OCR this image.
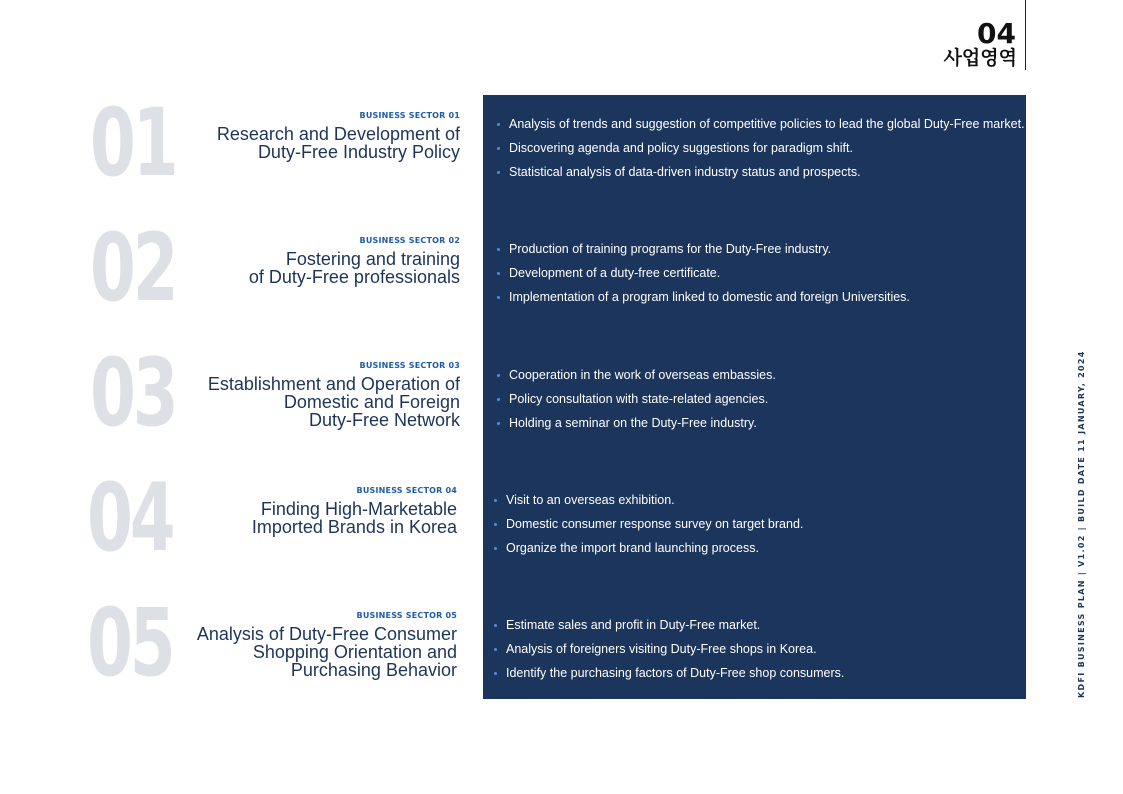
04
사업영역
01	BUSINESS SECTOR 01
Research and Development of
Duty-Free Industry Policy
Analysis of trends and suggestion of competitive policies to lead the global Duty-Free market.
Discovering agenda and policy suggestions for paradigm shift.
Statistical analysis of data-driven industry status and prospects.
02	BUSINESS SECTOR 02
Fostering and training
of Duty-Free professionals
Production of training programs for the Duty-Free industry.
Development of a duty-free certificate.
Implementation of a program linked to domestic and foreign Universities.
03	BUSINESS SECTOR 03
Establishment and Operation of
Domestic and Foreign
Duty-Free Network
Cooperation in the work of overseas embassies.
Policy consultation with state-related agencies.
Holding a seminar on the Duty-Free industry.
04	BUSINESS SECTOR 04
Finding High-Marketable
Imported Brands in Korea
Visit to an overseas exhibition.
Domestic consumer response survey on target brand.
Organize the import brand launching process.
05	BUSINESS SECTOR 05
Analysis of Duty-Free Consumer
Shopping Orientation and
Purchasing Behavior
Estimate sales and profit in Duty-Free market.
Analysis of foreigners visiting Duty-Free shops in Korea.
Identify the purchasing factors of Duty-Free shop consumers.	KDFI BUSINESS PLAN | V1.02 | BUILD DATE 11 JANUARY, 2024
